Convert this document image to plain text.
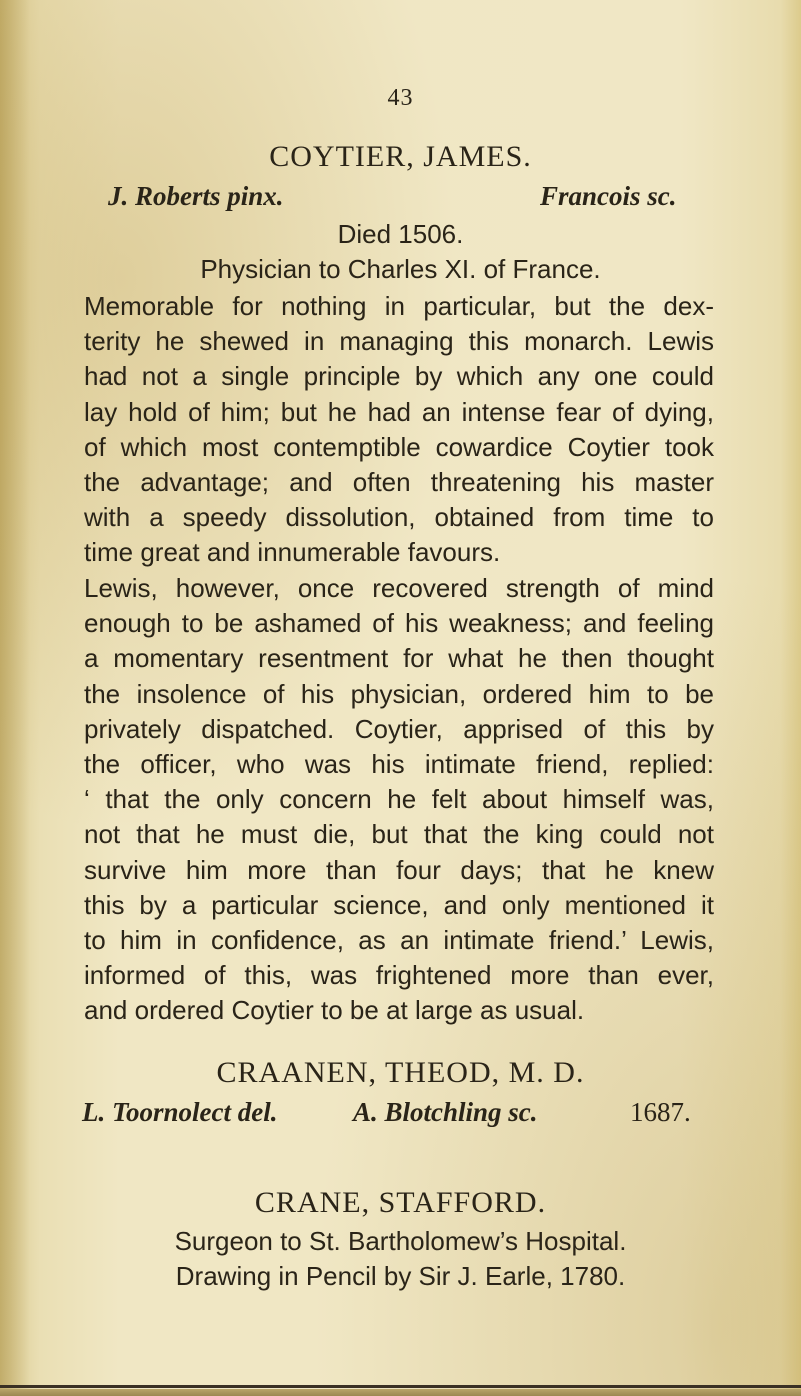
43
COYTIER, JAMES.
J. Roberts pinx.	Francois sc.
Died 1506.
Physician to Charles XI. of France.
Memorable for nothing in particular, but the dex-
terity he shewed in managing this monarch. Lewis
had not a single principle by which any one could
lay hold of him; but he had an intense fear of dying,
of which most contemptible cowardice Coytier took
the advantage; and often threatening his master
with a speedy dissolution, obtained from time to
time great and innumerable favours.
Lewis, however, once recovered strength of mind
enough to be ashamed of his weakness; and feeling
a momentary resentment for what he then thought
the insolence of his physician, ordered him to be
privately dispatched. Coytier, apprised of this by
the officer, who was his intimate friend, replied:
‘ that the only concern he felt about himself was,
not that he must die, but that the king could not
survive him more than four days; that he knew
this by a particular science, and only mentioned it
to him in confidence, as an intimate friend.’ Lewis,
informed of this, was frightened more than ever,
and ordered Coytier to be at large as usual.
CRAANEN, THEOD, M. D.
L. Toornolect del.	A. Blotchling sc.	1687.
CRANE, STAFFORD.
Surgeon to St. Bartholomew’s Hospital.
Drawing in Pencil by Sir J. Earle, 1780.
